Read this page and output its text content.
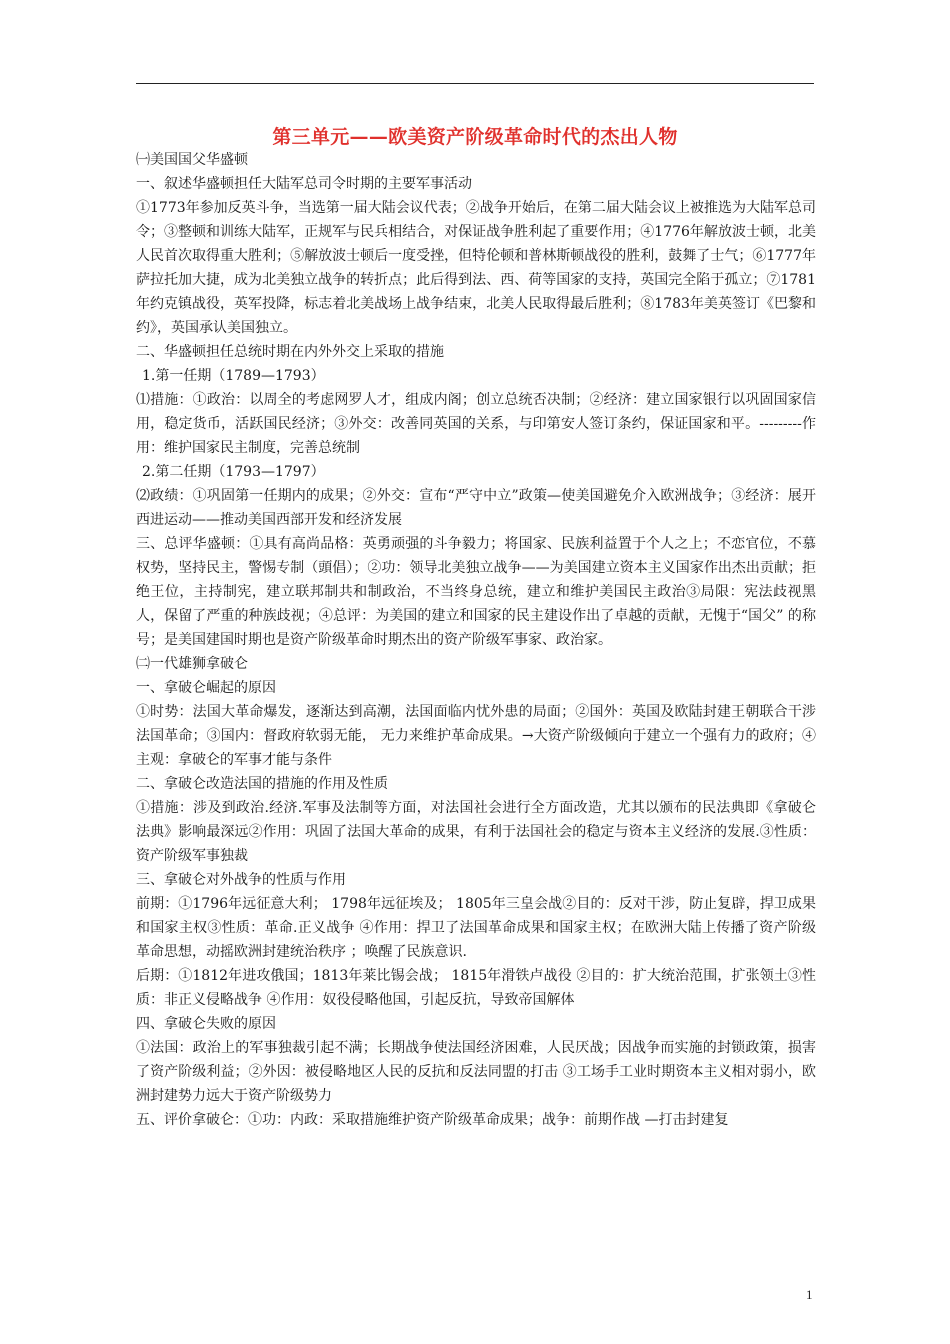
第三单元——欧美资产阶级革命时代的杰出人物

㈠美国国父华盛顿

一、叙述华盛顿担任大陆军总司令时期的主要军事活动

①1773年参加反英斗争，当选第一届大陆会议代表；②战争开始后，在第二届大陆会议上被推选为大陆军总司令；③整顿和训练大陆军，正规军与民兵相结合，对保证战争胜利起了重要作用；④1776年解放波士顿，北美人民首次取得重大胜利；⑤解放波士顿后一度受挫，但特伦顿和普林斯顿战役的胜利，鼓舞了士气；⑥1777年萨拉托加大捷，成为北美独立战争的转折点；此后得到法、西、荷等国家的支持，英国完全陷于孤立；⑦1781年约克镇战役，英军投降，标志着北美战场上战争结束，北美人民取得最后胜利；⑧1783年美英签订《巴黎和约》，英国承认美国独立。

二、华盛顿担任总统时期在内外外交上采取的措施

1.第一任期（1789—1793）

⑴措施：①政治：以周全的考虑网罗人才，组成内阁；创立总统否决制；②经济：建立国家银行以巩固国家信用，稳定货币，活跃国民经济；③外交：改善同英国的关系，与印第安人签订条约，保证国家和平。---------作用：维护国家民主制度，完善总统制

2.第二任期（1793—1797）

⑵政绩：①巩固第一任期内的成果；②外交：宣布“严守中立”政策—使美国避免介入欧洲战争；③经济：展开西进运动——推动美国西部开发和经济发展

三、总评华盛顿：①具有高尚品格：英勇顽强的斗争毅力；将国家、民族利益置于个人之上；不恋官位，不慕权势，坚持民主，警惕专制（頭倡）；②功：领导北美独立战争——为美国建立资本主义国家作出杰出贡献；拒绝王位，主持制宪，建立联邦制共和制政治，不当终身总统，建立和维护美国民主政治③局限：宪法歧视黑人，保留了严重的种族歧视；④总评：为美国的建立和国家的民主建设作出了卓越的贡献，无愧于“国父” 的称号；是美国建国时期也是资产阶级革命时期杰出的资产阶级军事家、政治家。

㈡一代雄狮拿破仑

一、拿破仑崛起的原因

①时势：法国大革命爆发，逐渐达到高潮，法国面临内忧外患的局面；②国外：英国及欧陆封建王朝联合干涉法国革命；③国内：督政府软弱无能， 无力来维护革命成果。→大资产阶级倾向于建立一个强有力的政府；④主观：拿破仑的军事才能与条件

二、拿破仑改造法国的措施的作用及性质

①措施：涉及到政治.经济.军事及法制等方面，对法国社会进行全方面改造，尤其以颁布的民法典即《拿破仑法典》影响最深远②作用：巩固了法国大革命的成果，有利于法国社会的稳定与资本主义经济的发展.③性质：资产阶级军事独裁

三、拿破仑对外战争的性质与作用

前期：①1796年远征意大利； 1798年远征埃及； 1805年三皇会战②目的：反对干涉，防止复辟，捍卫成果和国家主权③性质：革命.正义战争 ④作用：捍卫了法国革命成果和国家主权；在欧洲大陆上传播了资产阶级革命思想，动摇欧洲封建统治秩序 ；唤醒了民族意识.

后期：①1812年进攻俄国；1813年莱比锡会战； 1815年滑铁卢战役 ②目的：扩大统治范围，扩张领土③性质：非正义侵略战争 ④作用：奴役侵略他国，引起反抗，导致帝国解体

四、拿破仑失败的原因

①法国：政治上的军事独裁引起不满；长期战争使法国经济困难，人民厌战；因战争而实施的封锁政策，损害了资产阶级利益；②外因：被侵略地区人民的反抗和反法同盟的打击 ③工场手工业时期资本主义相对弱小，欧洲封建势力远大于资产阶级势力

五、评价拿破仑：①功：内政：采取措施维护资产阶级革命成果；战争：前期作战 —打击封建复

1
